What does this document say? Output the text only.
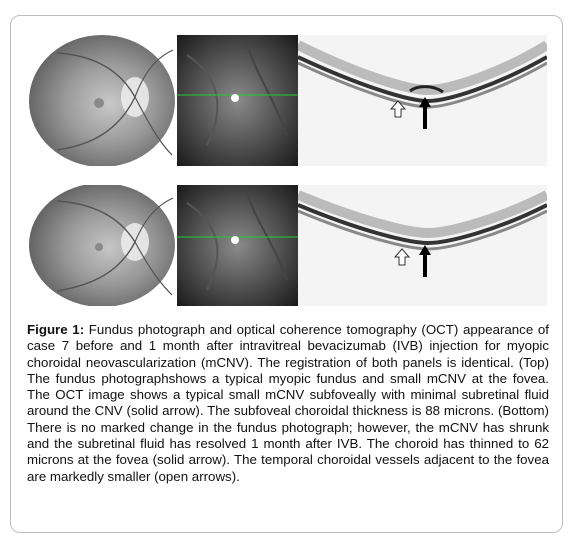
Figure 1: Fundus photograph and optical coherence tomography (OCT) appearance of case 7 before and 1 month after intravitreal bevacizumab (IVB) injection for myopic choroidal neovascularization (mCNV). The registration of both panels is identical. (Top) The fundus photographshows a typical myopic fundus and small mCNV at the fovea. The OCT image shows a typical small mCNV subfoveally with minimal subretinal fluid around the CNV (solid arrow). The subfoveal choroidal thickness is 88 microns. (Bottom) There is no marked change in the fundus photograph; however, the mCNV has shrunk and the subretinal fluid has resolved 1 month after IVB. The choroid has thinned to 62 microns at the fovea (solid arrow). The temporal choroidal vessels adjacent to the fovea are markedly smaller (open arrows).
